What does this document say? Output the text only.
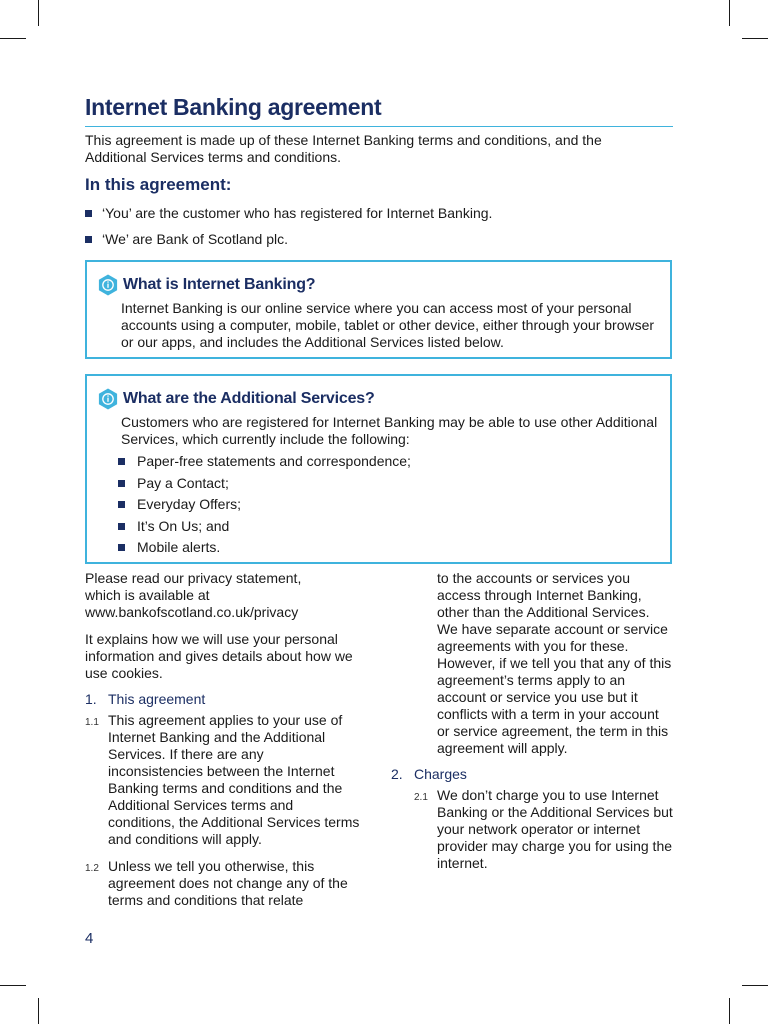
Internet Banking agreement
This agreement is made up of these Internet Banking terms and conditions, and the Additional Services terms and conditions.
In this agreement:
‘You’ are the customer who has registered for Internet Banking.
‘We’ are Bank of Scotland plc.
What is Internet Banking?
Internet Banking is our online service where you can access most of your personal accounts using a computer, mobile, tablet or other device, either through your browser or our apps, and includes the Additional Services listed below.
What are the Additional Services?
Customers who are registered for Internet Banking may be able to use other Additional Services, which currently include the following:
Paper-free statements and correspondence;
Pay a Contact;
Everyday Offers;
It’s On Us; and
Mobile alerts.

Please read our privacy statement, which is available at

www.bankofscotland.co.uk/privacy

It explains how we will use your personal information and gives details about how we use cookies.

1. This agreement
1.1 This agreement applies to your use of Internet Banking and the Additional Services. If there are any inconsistencies between the Internet Banking terms and conditions and the Additional Services terms and conditions, the Additional Services terms and conditions will apply.
1.2 Unless we tell you otherwise, this agreement does not change any of the terms and conditions that relate

to the accounts or services you access through Internet Banking, other than the Additional Services. We have separate account or service agreements with you for these. However, if we tell you that any of this agreement’s terms apply to an account or service you use but it conflicts with a term in your account or service agreement, the term in this agreement will apply.

2. Charges
2.1 We don’t charge you to use Internet Banking or the Additional Services but your network operator or internet provider may charge you for using the internet.
4
